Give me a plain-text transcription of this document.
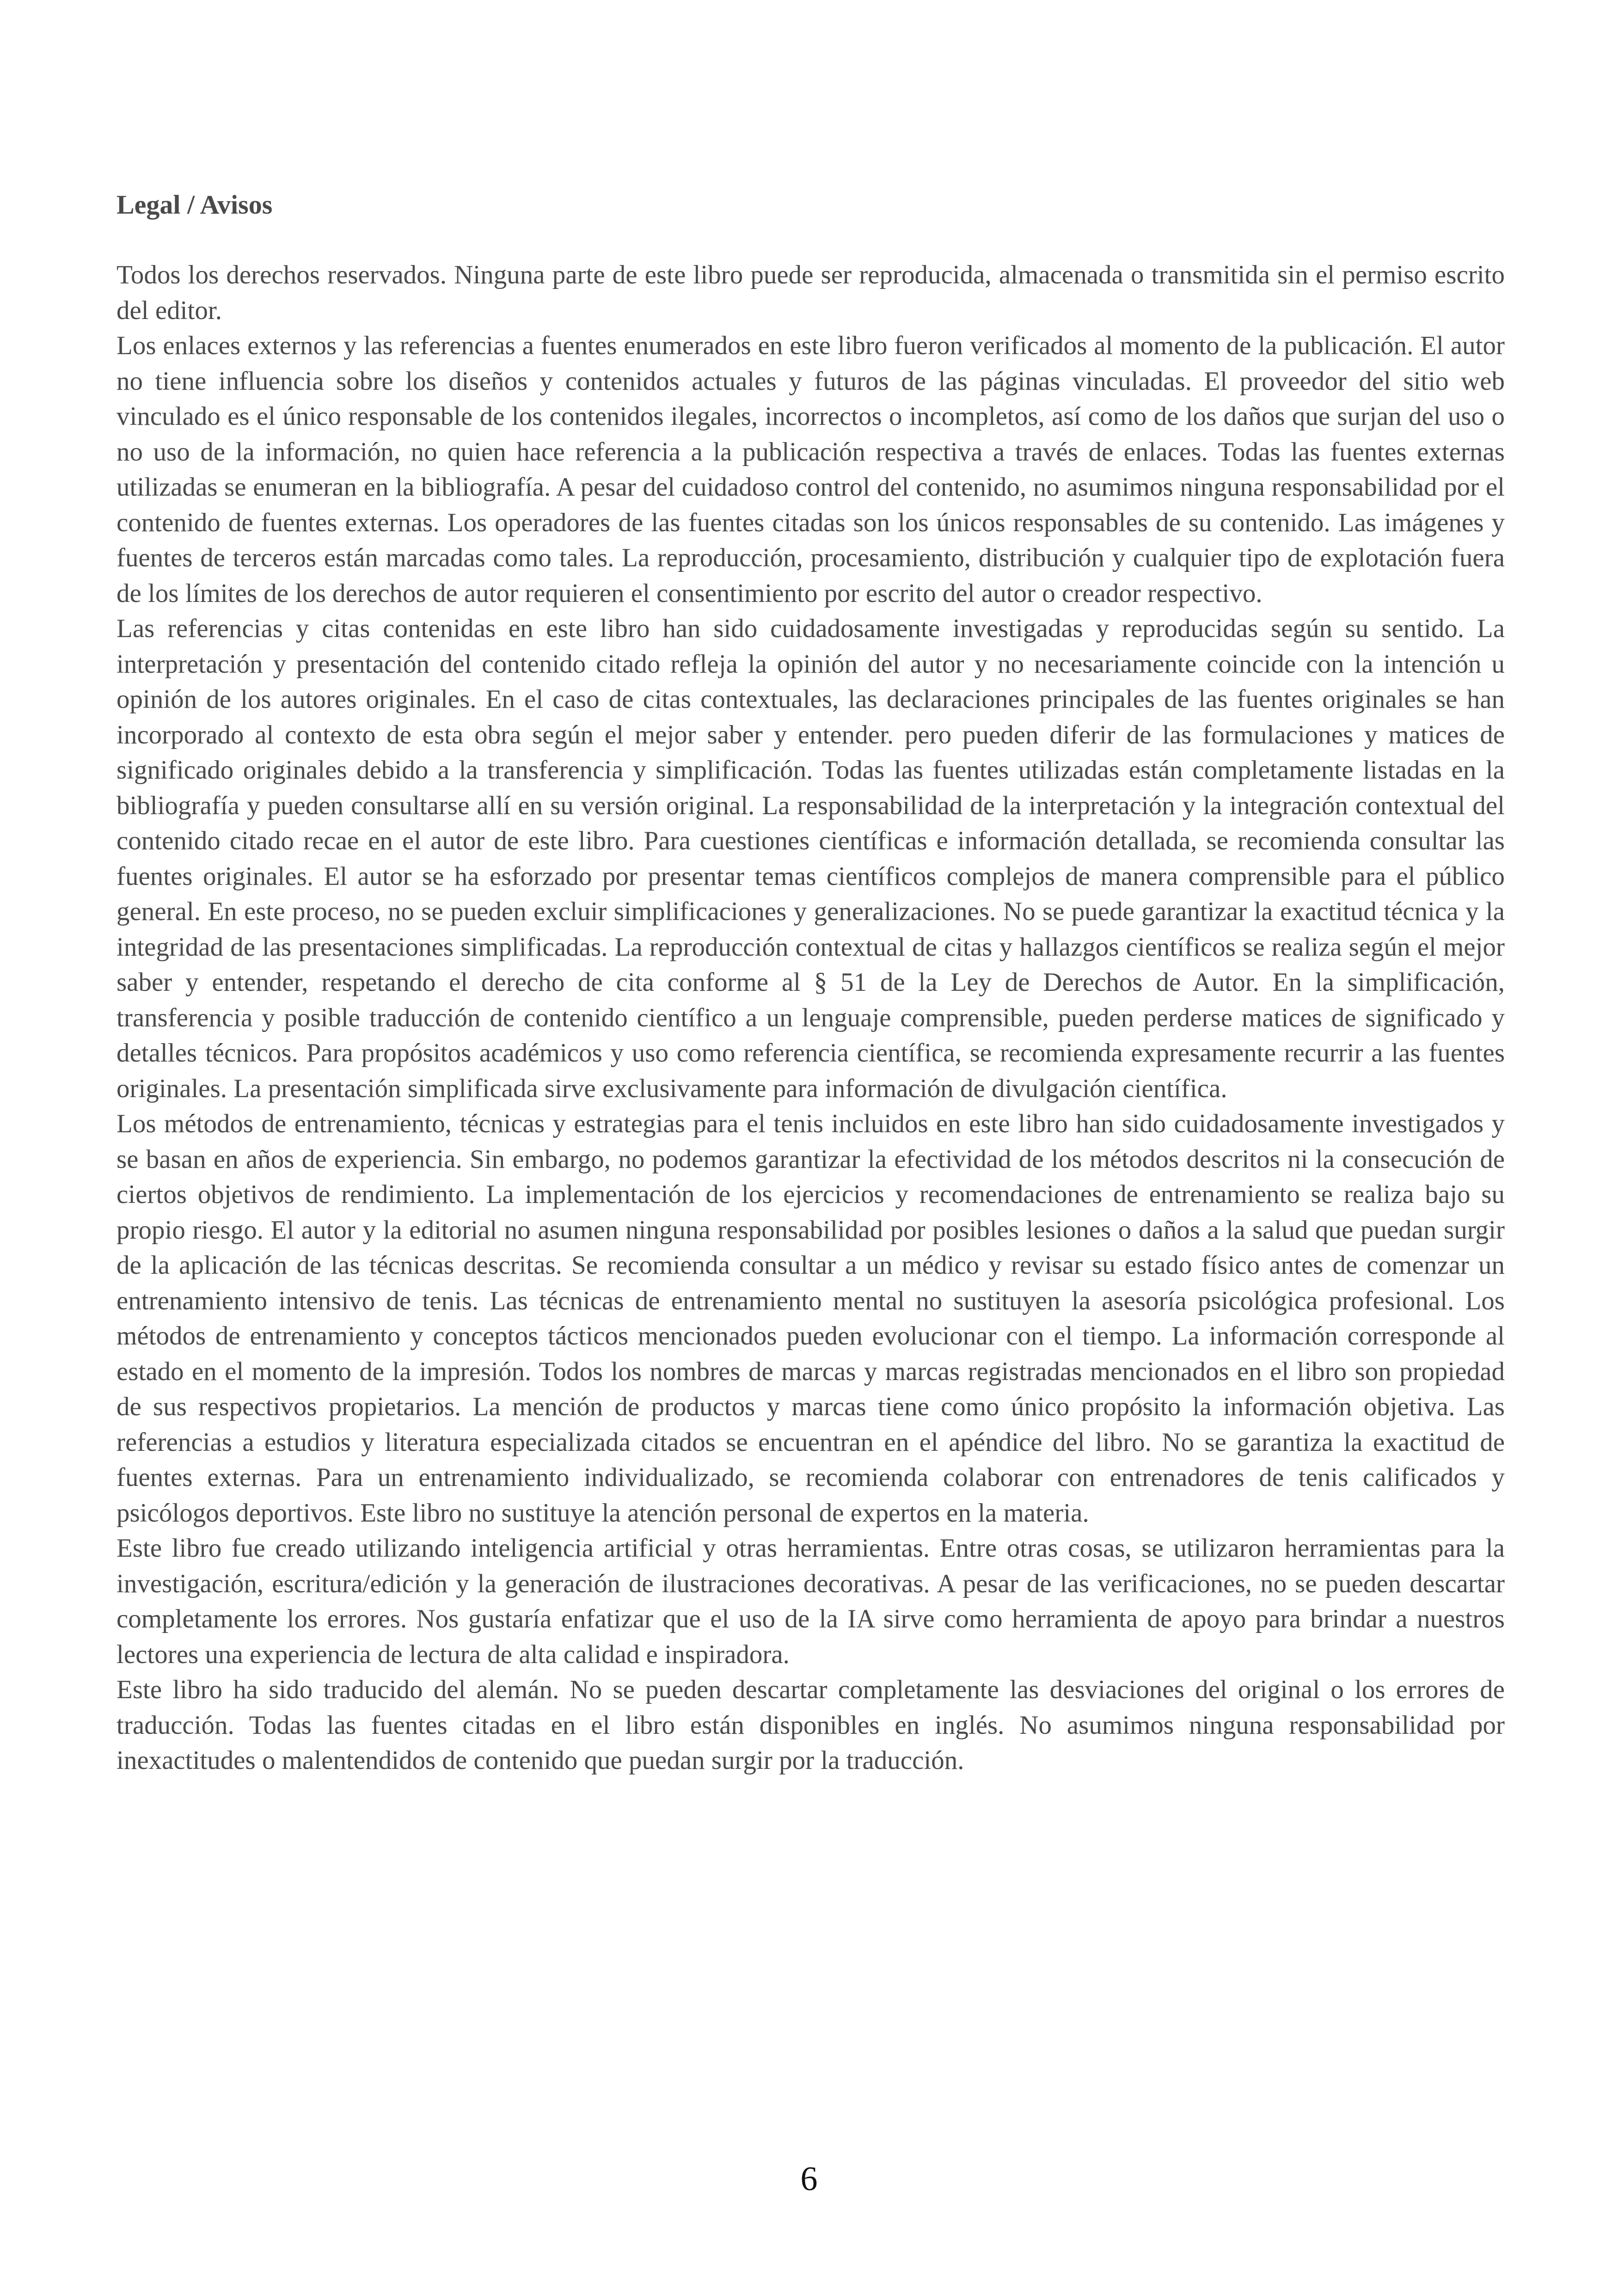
Legal / Avisos

Todos los derechos reservados. Ninguna parte de este libro puede ser reproducida, almacenada o transmitida sin el permiso escrito del editor.

Los enlaces externos y las referencias a fuentes enumerados en este libro fueron verificados al momento de la publicación. El autor no tiene influencia sobre los diseños y contenidos actuales y futuros de las páginas vinculadas. El proveedor del sitio web vinculado es el único responsable de los contenidos ilegales, incorrectos o incompletos, así como de los daños que surjan del uso o no uso de la información, no quien hace referencia a la publicación respectiva a través de enlaces. Todas las fuentes externas utilizadas se enumeran en la bibliografía. A pesar del cuidadoso control del contenido, no asumimos ninguna responsabilidad por el contenido de fuentes externas. Los operadores de las fuentes citadas son los únicos responsables de su contenido. Las imágenes y fuentes de terceros están marcadas como tales. La reproducción, procesamiento, distribución y cualquier tipo de explotación fuera de los límites de los derechos de autor requieren el consentimiento por escrito del autor o creador respectivo.

Las referencias y citas contenidas en este libro han sido cuidadosamente investigadas y reproducidas según su sentido. La interpretación y presentación del contenido citado refleja la opinión del autor y no necesariamente coincide con la intención u opinión de los autores originales. En el caso de citas contextuales, las declaraciones principales de las fuentes originales se han incorporado al contexto de esta obra según el mejor saber y entender. pero pueden diferir de las formulaciones y matices de significado originales debido a la transferencia y simplificación. Todas las fuentes utilizadas están completamente listadas en la bibliografía y pueden consultarse allí en su versión original. La responsabilidad de la interpretación y la integración contextual del contenido citado recae en el autor de este libro. Para cuestiones científicas e información detallada, se recomienda consultar las fuentes originales. El autor se ha esforzado por presentar temas científicos complejos de manera comprensible para el público general. En este proceso, no se pueden excluir simplificaciones y generalizaciones. No se puede garantizar la exactitud técnica y la integridad de las presentaciones simplificadas. La reproducción contextual de citas y hallazgos científicos se realiza según el mejor saber y entender, respetando el derecho de cita conforme al § 51 de la Ley de Derechos de Autor. En la simplificación, transferencia y posible traducción de contenido científico a un lenguaje comprensible, pueden perderse matices de significado y detalles técnicos. Para propósitos académicos y uso como referencia científica, se recomienda expresamente recurrir a las fuentes originales. La presentación simplificada sirve exclusivamente para información de divulgación científica.

Los métodos de entrenamiento, técnicas y estrategias para el tenis incluidos en este libro han sido cuidadosamente investigados y se basan en años de experiencia. Sin embargo, no podemos garantizar la efectividad de los métodos descritos ni la consecución de ciertos objetivos de rendimiento. La implementación de los ejercicios y recomendaciones de entrenamiento se realiza bajo su propio riesgo. El autor y la editorial no asumen ninguna responsabilidad por posibles lesiones o daños a la salud que puedan surgir de la aplicación de las técnicas descritas. Se recomienda consultar a un médico y revisar su estado físico antes de comenzar un entrenamiento intensivo de tenis. Las técnicas de entrenamiento mental no sustituyen la asesoría psicológica profesional. Los métodos de entrenamiento y conceptos tácticos mencionados pueden evolucionar con el tiempo. La información corresponde al estado en el momento de la impresión. Todos los nombres de marcas y marcas registradas mencionados en el libro son propiedad de sus respectivos propietarios. La mención de productos y marcas tiene como único propósito la información objetiva. Las referencias a estudios y literatura especializada citados se encuentran en el apéndice del libro. No se garantiza la exactitud de fuentes externas. Para un entrenamiento individualizado, se recomienda colaborar con entrenadores de tenis calificados y psicólogos deportivos. Este libro no sustituye la atención personal de expertos en la materia.

Este libro fue creado utilizando inteligencia artificial y otras herramientas. Entre otras cosas, se utilizaron herramientas para la investigación, escritura/edición y la generación de ilustraciones decorativas. A pesar de las verificaciones, no se pueden descartar completamente los errores. Nos gustaría enfatizar que el uso de la IA sirve como herramienta de apoyo para brindar a nuestros lectores una experiencia de lectura de alta calidad e inspiradora.

Este libro ha sido traducido del alemán. No se pueden descartar completamente las desviaciones del original o los errores de traducción. Todas las fuentes citadas en el libro están disponibles en inglés. No asumimos ninguna responsabilidad por inexactitudes o malentendidos de contenido que puedan surgir por la traducción.

6
